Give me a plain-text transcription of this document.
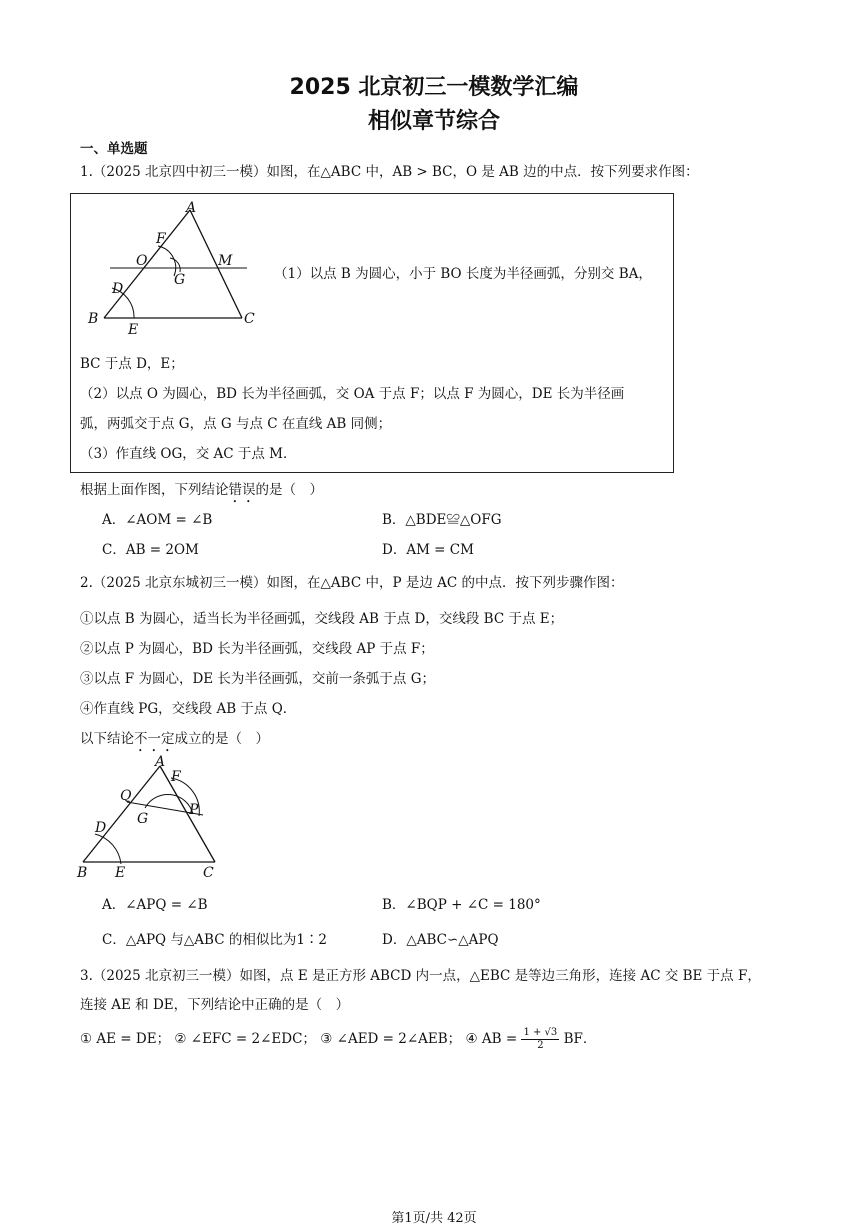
2025 北京初三一模数学汇编
相似章节综合
一、单选题
1.（2025 北京四中初三一模）如图，在△ABC 中，AB > BC，O 是 AB 边的中点．按下列要求作图：
A
B	C
O
F
G
M
D
E
（1）以点 B 为圆心，小于 BO 长度为半径画弧，分别交 BA，
BC 于点 D，E；
（2）以点 O 为圆心，BD 长为半径画弧，交 OA 于点 F；以点 F 为圆心，DE 长为半径画
弧，两弧交于点 G，点 G 与点 C 在直线 AB 同侧；
（3）作直线 OG，交 AC 于点 M．
根据上面作图，下列结论错误的是（　）
A．∠AOM = ∠B	B．△BDE≌△OFG
C．AB = 2OM	D．AM = CM
2.（2025 北京东城初三一模）如图，在△ABC 中，P 是边 AC 的中点．按下列步骤作图：
①以点 B 为圆心，适当长为半径画弧，交线段 AB 于点 D，交线段 BC 于点 E；
②以点 P 为圆心，BD 长为半径画弧，交线段 AP 于点 F；
③以点 F 为圆心，DE 长为半径画弧，交前一条弧于点 G；
④作直线 PG，交线段 AB 于点 Q．
以下结论不一定成立的是（　）
A
B	C
Q
F
G
P
D
E
A．∠APQ = ∠B	B．∠BQP + ∠C = 180°
C．△APQ 与△ABC 的相似比为1∶2	D．△ABC∽△APQ
3.（2025 北京初三一模）如图，点 E 是正方形 ABCD 内一点，△EBC 是等边三角形，连接 AC 交 BE 于点 F，
连接 AE 和 DE，下列结论中正确的是（　）
① AE = DE； ② ∠EFC = 2∠EDC； ③ ∠AED = 2∠AEB； ④ AB = $\frac{1 + √3}{2}$ BF．
第1页/共 42页
